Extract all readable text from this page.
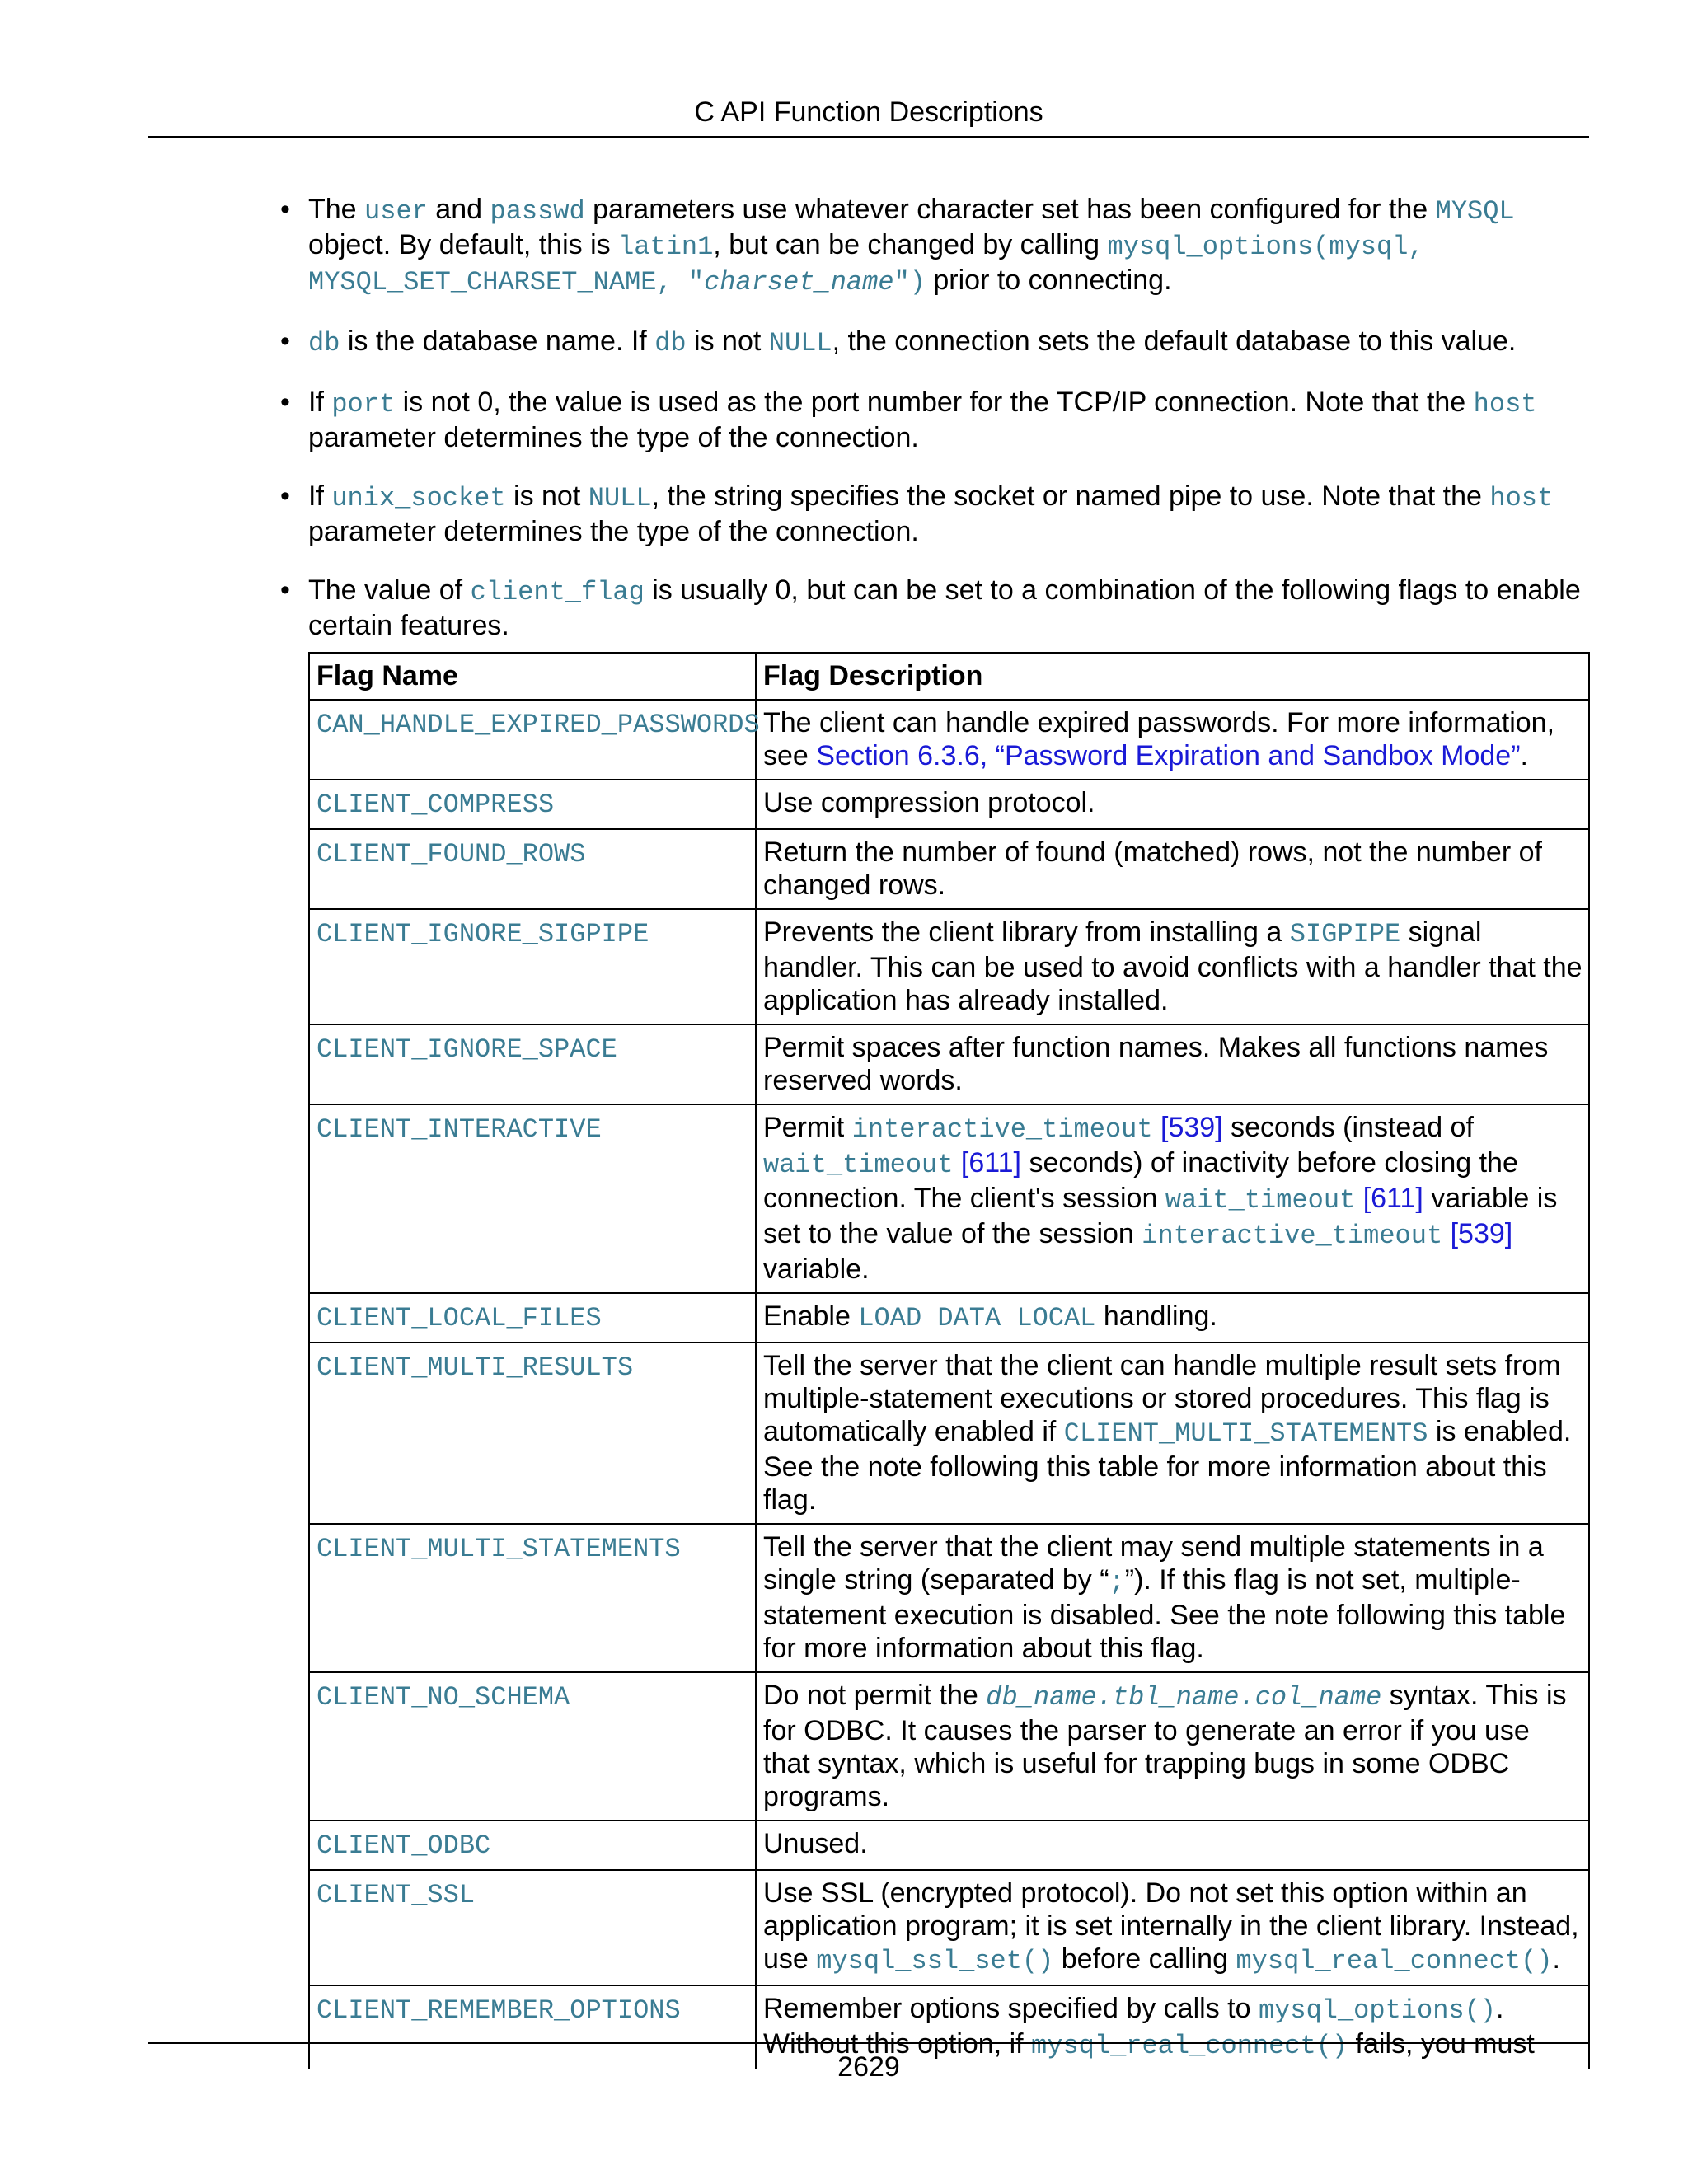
C API Function Descriptions
• The user and passwd parameters use whatever character set has been configured for the MYSQL object. By default, this is latin1, but can be changed by calling mysql_options(mysql, MYSQL_SET_CHARSET_NAME, "charset_name") prior to connecting.
• db is the database name. If db is not NULL, the connection sets the default database to this value.
• If port is not 0, the value is used as the port number for the TCP/IP connection. Note that the host parameter determines the type of the connection.
• If unix_socket is not NULL, the string specifies the socket or named pipe to use. Note that the host parameter determines the type of the connection.
• The value of client_flag is usually 0, but can be set to a combination of the following flags to enable certain features.
Flag Name	Flag Description
CAN_HANDLE_EXPIRED_PASSWORDS	The client can handle expired passwords. For more information, see Section 6.3.6, “Password Expiration and Sandbox Mode”.
CLIENT_COMPRESS	Use compression protocol.
CLIENT_FOUND_ROWS	Return the number of found (matched) rows, not the number of changed rows.
CLIENT_IGNORE_SIGPIPE	Prevents the client library from installing a SIGPIPE signal handler. This can be used to avoid conflicts with a handler that the application has already installed.
CLIENT_IGNORE_SPACE	Permit spaces after function names. Makes all functions names reserved words.
CLIENT_INTERACTIVE	Permit interactive_timeout [539] seconds (instead of wait_timeout [611] seconds) of inactivity before closing the connection. The client's session wait_timeout [611] variable is set to the value of the session interactive_timeout [539] variable.
CLIENT_LOCAL_FILES	Enable LOAD DATA LOCAL handling.
CLIENT_MULTI_RESULTS	Tell the server that the client can handle multiple result sets from multiple-statement executions or stored procedures. This flag is automatically enabled if CLIENT_MULTI_STATEMENTS is enabled. See the note following this table for more information about this flag.
CLIENT_MULTI_STATEMENTS	Tell the server that the client may send multiple statements in a single string (separated by “;”). If this flag is not set, multiple-statement execution is disabled. See the note following this table for more information about this flag.
CLIENT_NO_SCHEMA	Do not permit the db_name.tbl_name.col_name syntax. This is for ODBC. It causes the parser to generate an error if you use that syntax, which is useful for trapping bugs in some ODBC programs.
CLIENT_ODBC	Unused.
CLIENT_SSL	Use SSL (encrypted protocol). Do not set this option within an application program; it is set internally in the client library. Instead, use mysql_ssl_set() before calling mysql_real_connect().
CLIENT_REMEMBER_OPTIONS	Remember options specified by calls to mysql_options(). Without this option, if mysql_real_connect() fails, you must
2629
